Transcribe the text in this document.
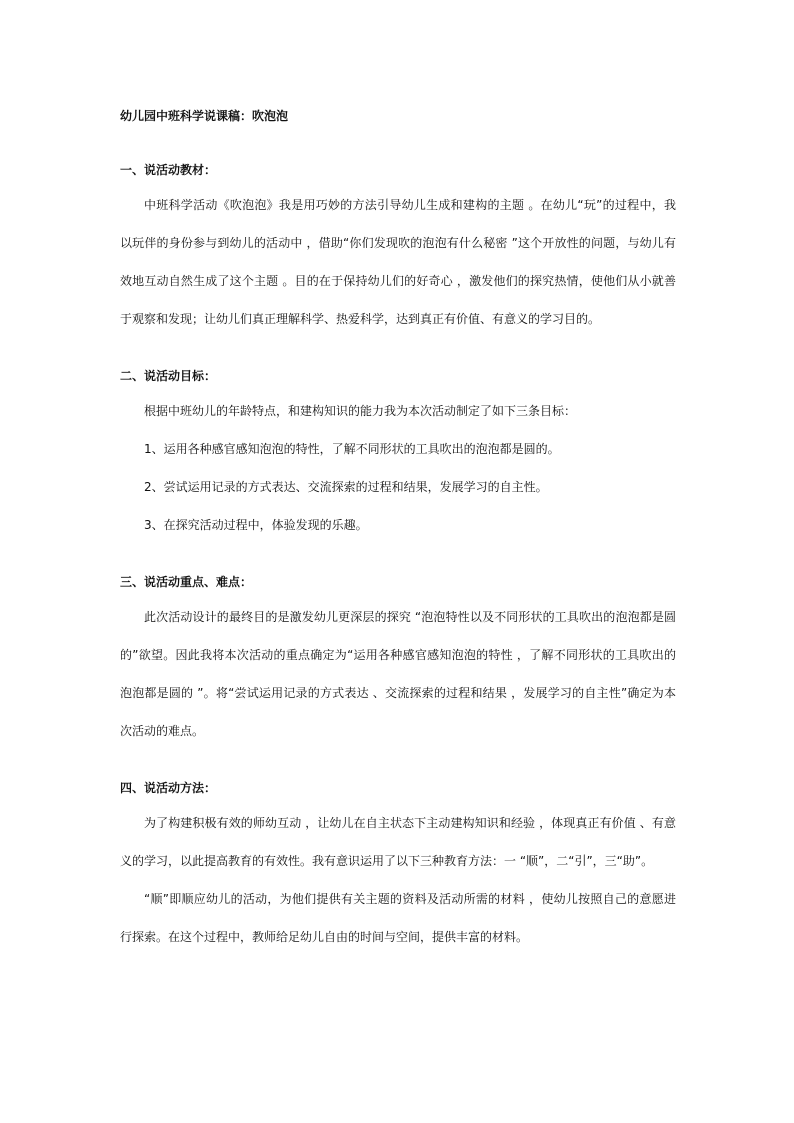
幼儿园中班科学说课稿：吹泡泡
一、说活动教材：

中班科学活动《吹泡泡》我是用巧妙的方法引导幼儿生成和建构的主题 。在幼儿“玩”的过程中，我以玩伴的身份参与到幼儿的活动中 ，借助“你们发现吹的泡泡有什么秘密 ”这个开放性的问题，与幼儿有效地互动自然生成了这个主题 。目的在于保持幼儿们的好奇心 ，激发他们的探究热情，使他们从小就善于观察和发现；让幼儿们真正理解科学、热爱科学，达到真正有价值、有意义的学习目的。

二、说活动目标：

根据中班幼儿的年龄特点，和建构知识的能力我为本次活动制定了如下三条目标：

1、运用各种感官感知泡泡的特性，了解不同形状的工具吹出的泡泡都是圆的。

2、尝试运用记录的方式表达、交流探索的过程和结果，发展学习的自主性。

3、在探究活动过程中，体验发现的乐趣。

三、说活动重点、难点：

此次活动设计的最终目的是激发幼儿更深层的探究 “泡泡特性以及不同形状的工具吹出的泡泡都是圆的”欲望。因此我将本次活动的重点确定为“运用各种感官感知泡泡的特性 ，了解不同形状的工具吹出的泡泡都是圆的 ”。将“尝试运用记录的方式表达 、交流探索的过程和结果 ，发展学习的自主性”确定为本次活动的难点。

四、说活动方法：

为了构建积极有效的师幼互动 ，让幼儿在自主状态下主动建构知识和经验 ，体现真正有价值 、有意义的学习，以此提高教育的有效性。我有意识运用了以下三种教育方法：一 “顺”，二“引”，三“助”。

“顺”即顺应幼儿的活动，为他们提供有关主题的资料及活动所需的材料 ，使幼儿按照自己的意愿进行探索。在这个过程中，教师给足幼儿自由的时间与空间，提供丰富的材料。
